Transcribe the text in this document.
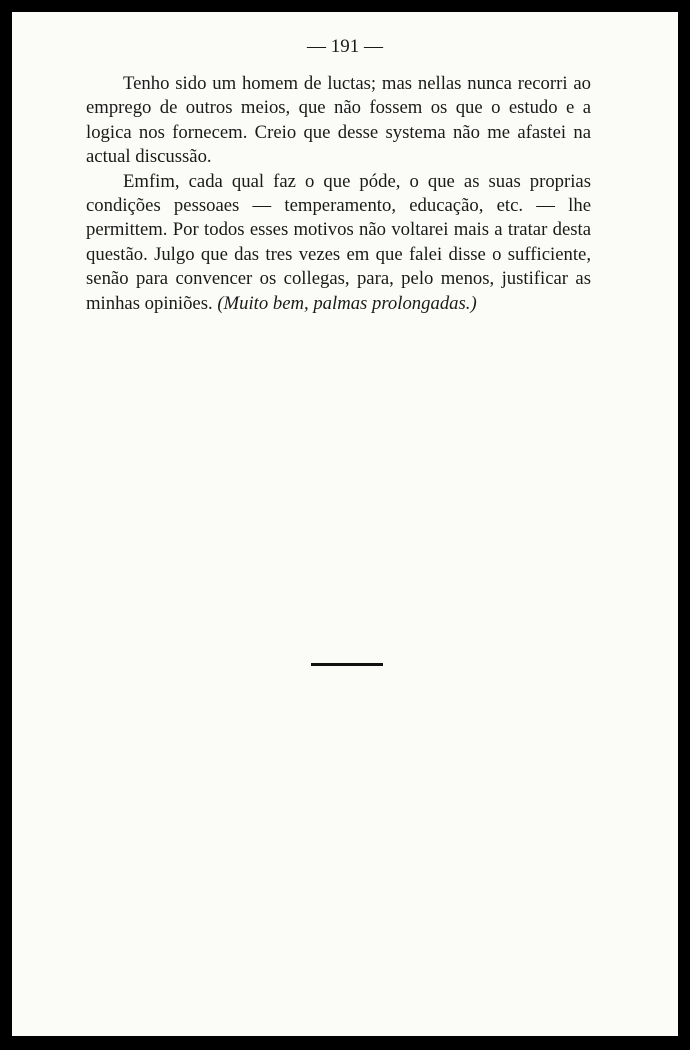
— 191 —

Tenho sido um homem de luctas; mas nellas nunca recorri ao emprego de outros meios, que não fossem os que o estudo e a logica nos fornecem. Creio que desse systema não me afastei na actual discussão.

Emfim, cada qual faz o que póde, o que as suas proprias condições pessoaes — temperamento, educação, etc. — lhe permittem. Por todos esses motivos não voltarei mais a tratar desta questão. Julgo que das tres vezes em que falei disse o sufficiente, senão para convencer os collegas, para, pelo menos, justificar as minhas opiniões. (Muito bem, palmas prolongadas.)
